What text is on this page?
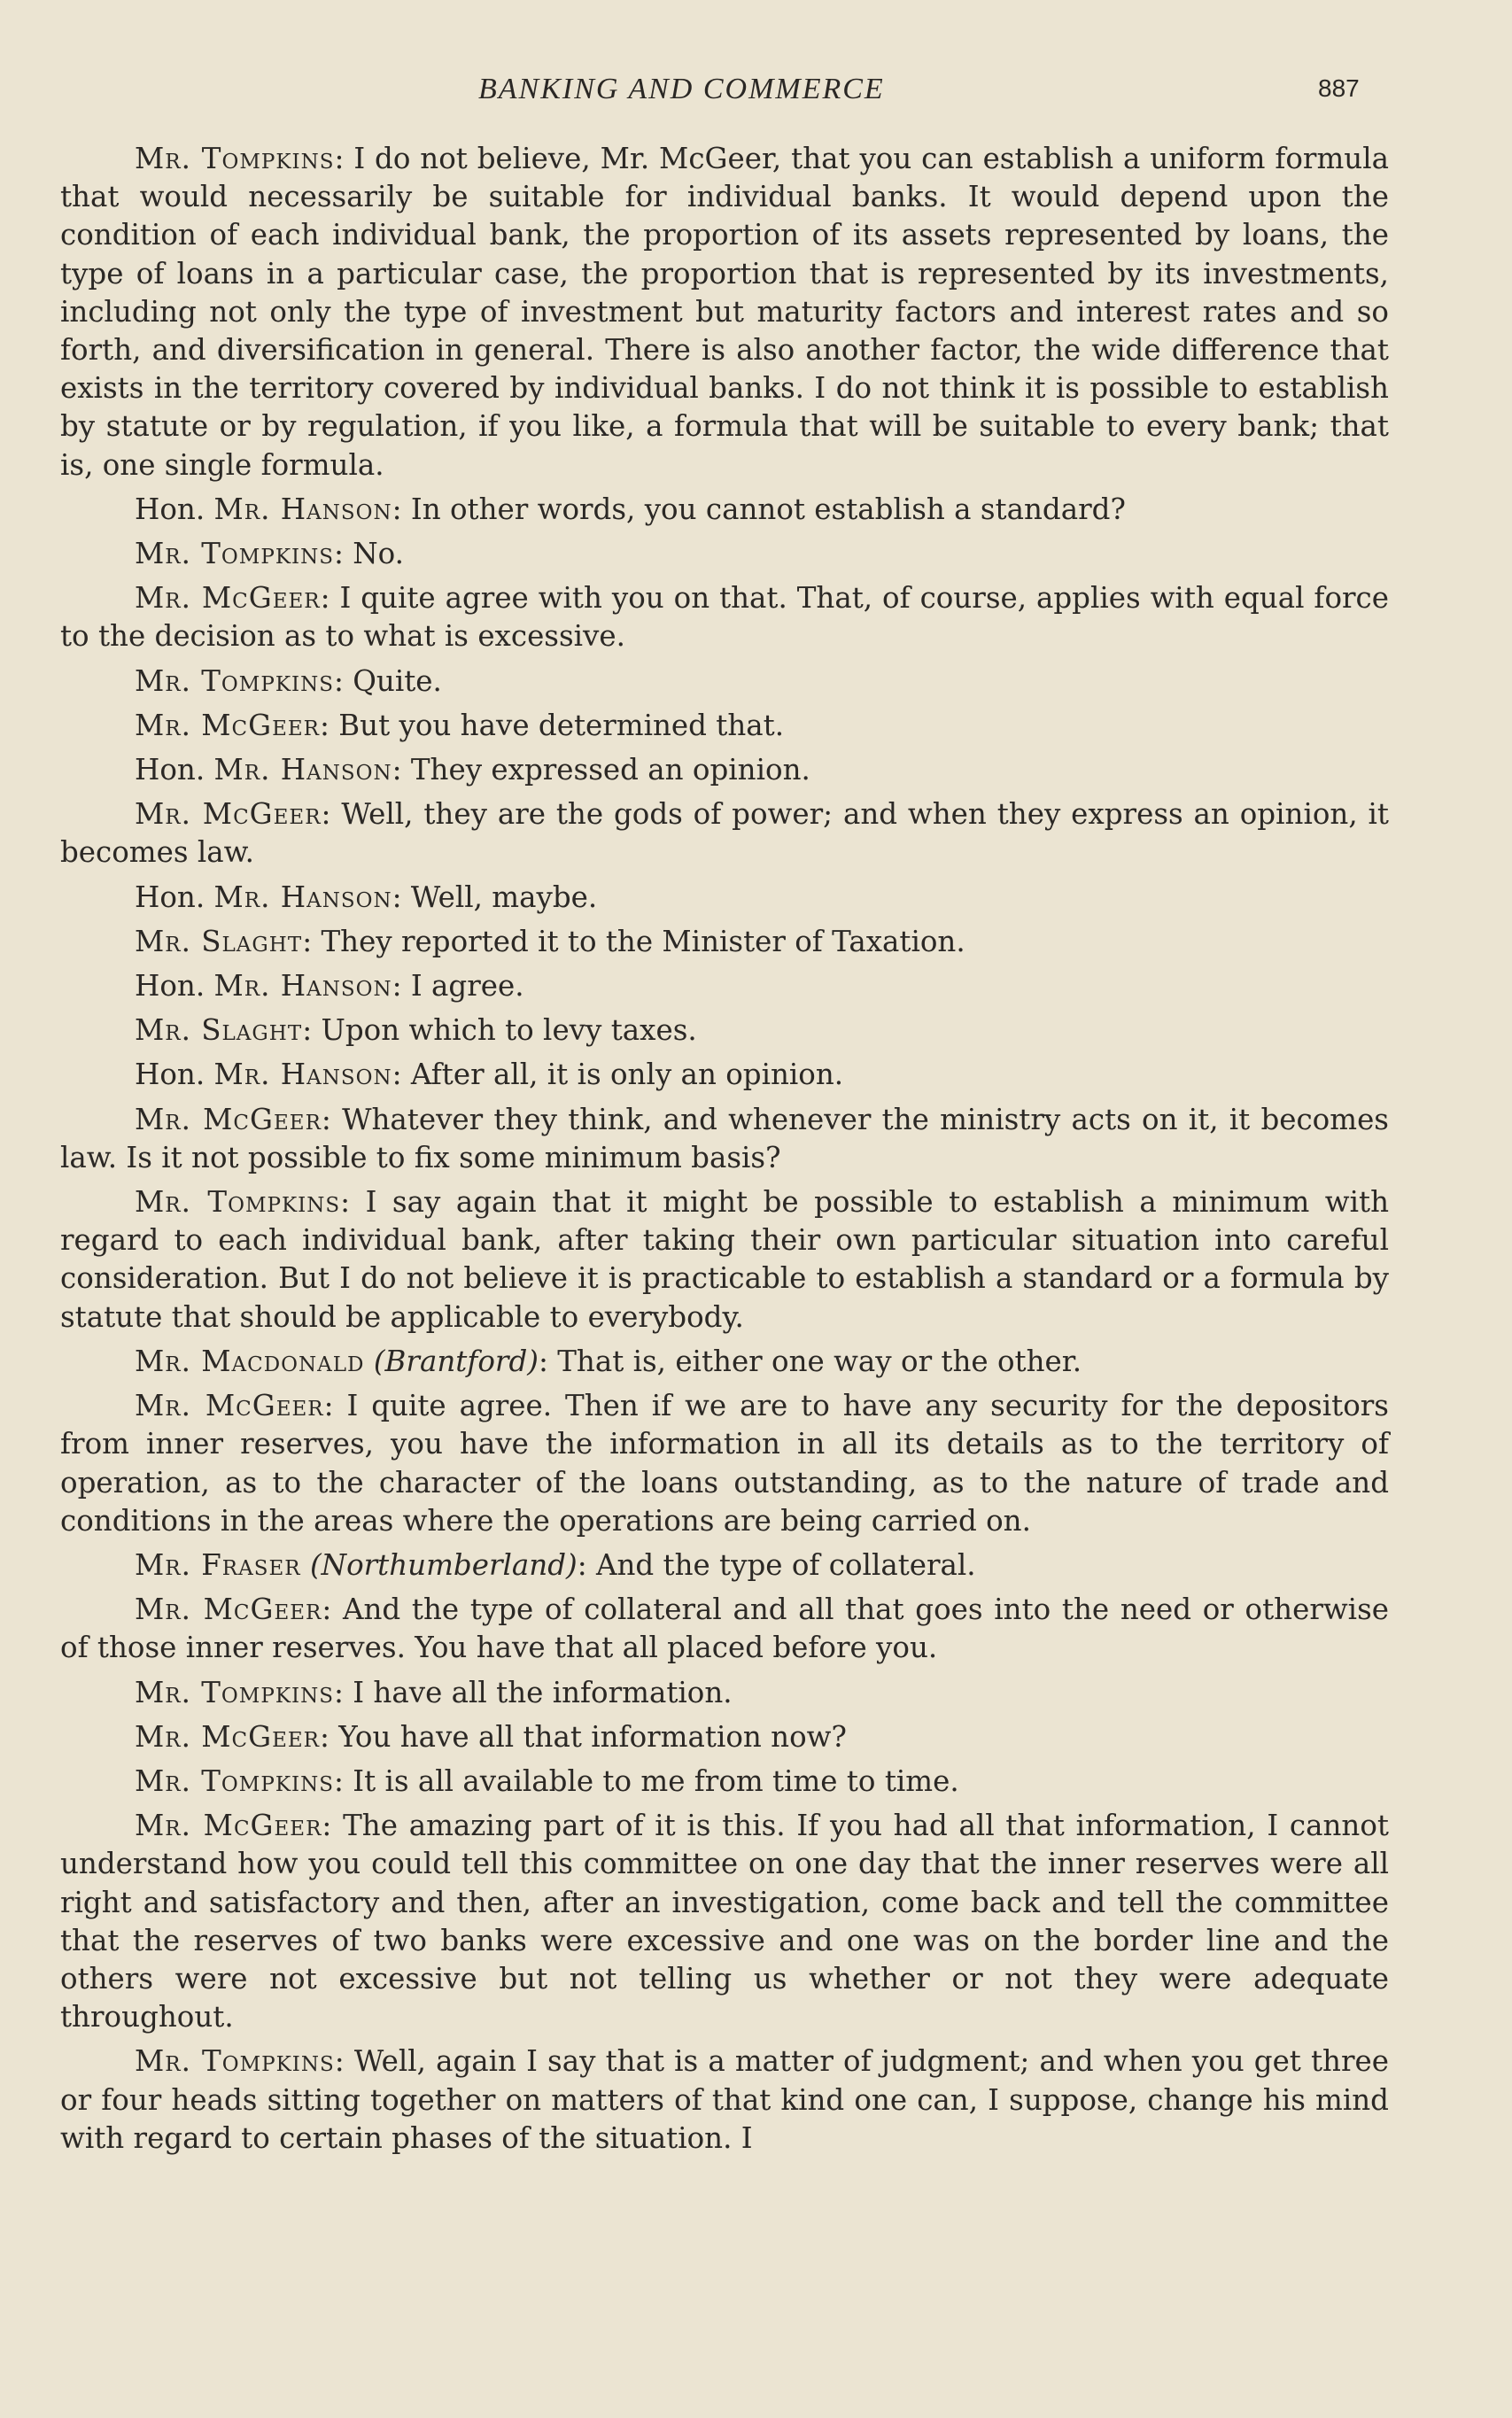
BANKING AND COMMERCE	887

Mr. Tompkins: I do not believe, Mr. McGeer, that you can establish a uniform formula that would necessarily be suitable for individual banks. It would depend upon the condition of each individual bank, the proportion of its assets represented by loans, the type of loans in a particular case, the proportion that is represented by its investments, including not only the type of investment but maturity factors and interest rates and so forth, and diversification in general. There is also another factor, the wide difference that exists in the territory covered by individual banks. I do not think it is possible to establish by statute or by regulation, if you like, a formula that will be suitable to every bank; that is, one single formula.

Hon. Mr. Hanson: In other words, you cannot establish a standard?

Mr. Tompkins: No.

Mr. McGeer: I quite agree with you on that. That, of course, applies with equal force to the decision as to what is excessive.

Mr. Tompkins: Quite.

Mr. McGeer: But you have determined that.

Hon. Mr. Hanson: They expressed an opinion.

Mr. McGeer: Well, they are the gods of power; and when they express an opinion, it becomes law.

Hon. Mr. Hanson: Well, maybe.

Mr. Slaght: They reported it to the Minister of Taxation.

Hon. Mr. Hanson: I agree.

Mr. Slaght: Upon which to levy taxes.

Hon. Mr. Hanson: After all, it is only an opinion.

Mr. McGeer: Whatever they think, and whenever the ministry acts on it, it becomes law. Is it not possible to fix some minimum basis?

Mr. Tompkins: I say again that it might be possible to establish a minimum with regard to each individual bank, after taking their own particular situation into careful consideration. But I do not believe it is practicable to establish a standard or a formula by statute that should be applicable to everybody.

Mr. Macdonald (Brantford): That is, either one way or the other.

Mr. McGeer: I quite agree. Then if we are to have any security for the depositors from inner reserves, you have the information in all its details as to the territory of operation, as to the character of the loans outstanding, as to the nature of trade and conditions in the areas where the operations are being carried on.

Mr. Fraser (Northumberland): And the type of collateral.

Mr. McGeer: And the type of collateral and all that goes into the need or otherwise of those inner reserves. You have that all placed before you.

Mr. Tompkins: I have all the information.

Mr. McGeer: You have all that information now?

Mr. Tompkins: It is all available to me from time to time.

Mr. McGeer: The amazing part of it is this. If you had all that information, I cannot understand how you could tell this committee on one day that the inner reserves were all right and satisfactory and then, after an investigation, come back and tell the committee that the reserves of two banks were excessive and one was on the border line and the others were not excessive but not telling us whether or not they were adequate throughout.

Mr. Tompkins: Well, again I say that is a matter of judgment; and when you get three or four heads sitting together on matters of that kind one can, I suppose, change his mind with regard to certain phases of the situation. I
